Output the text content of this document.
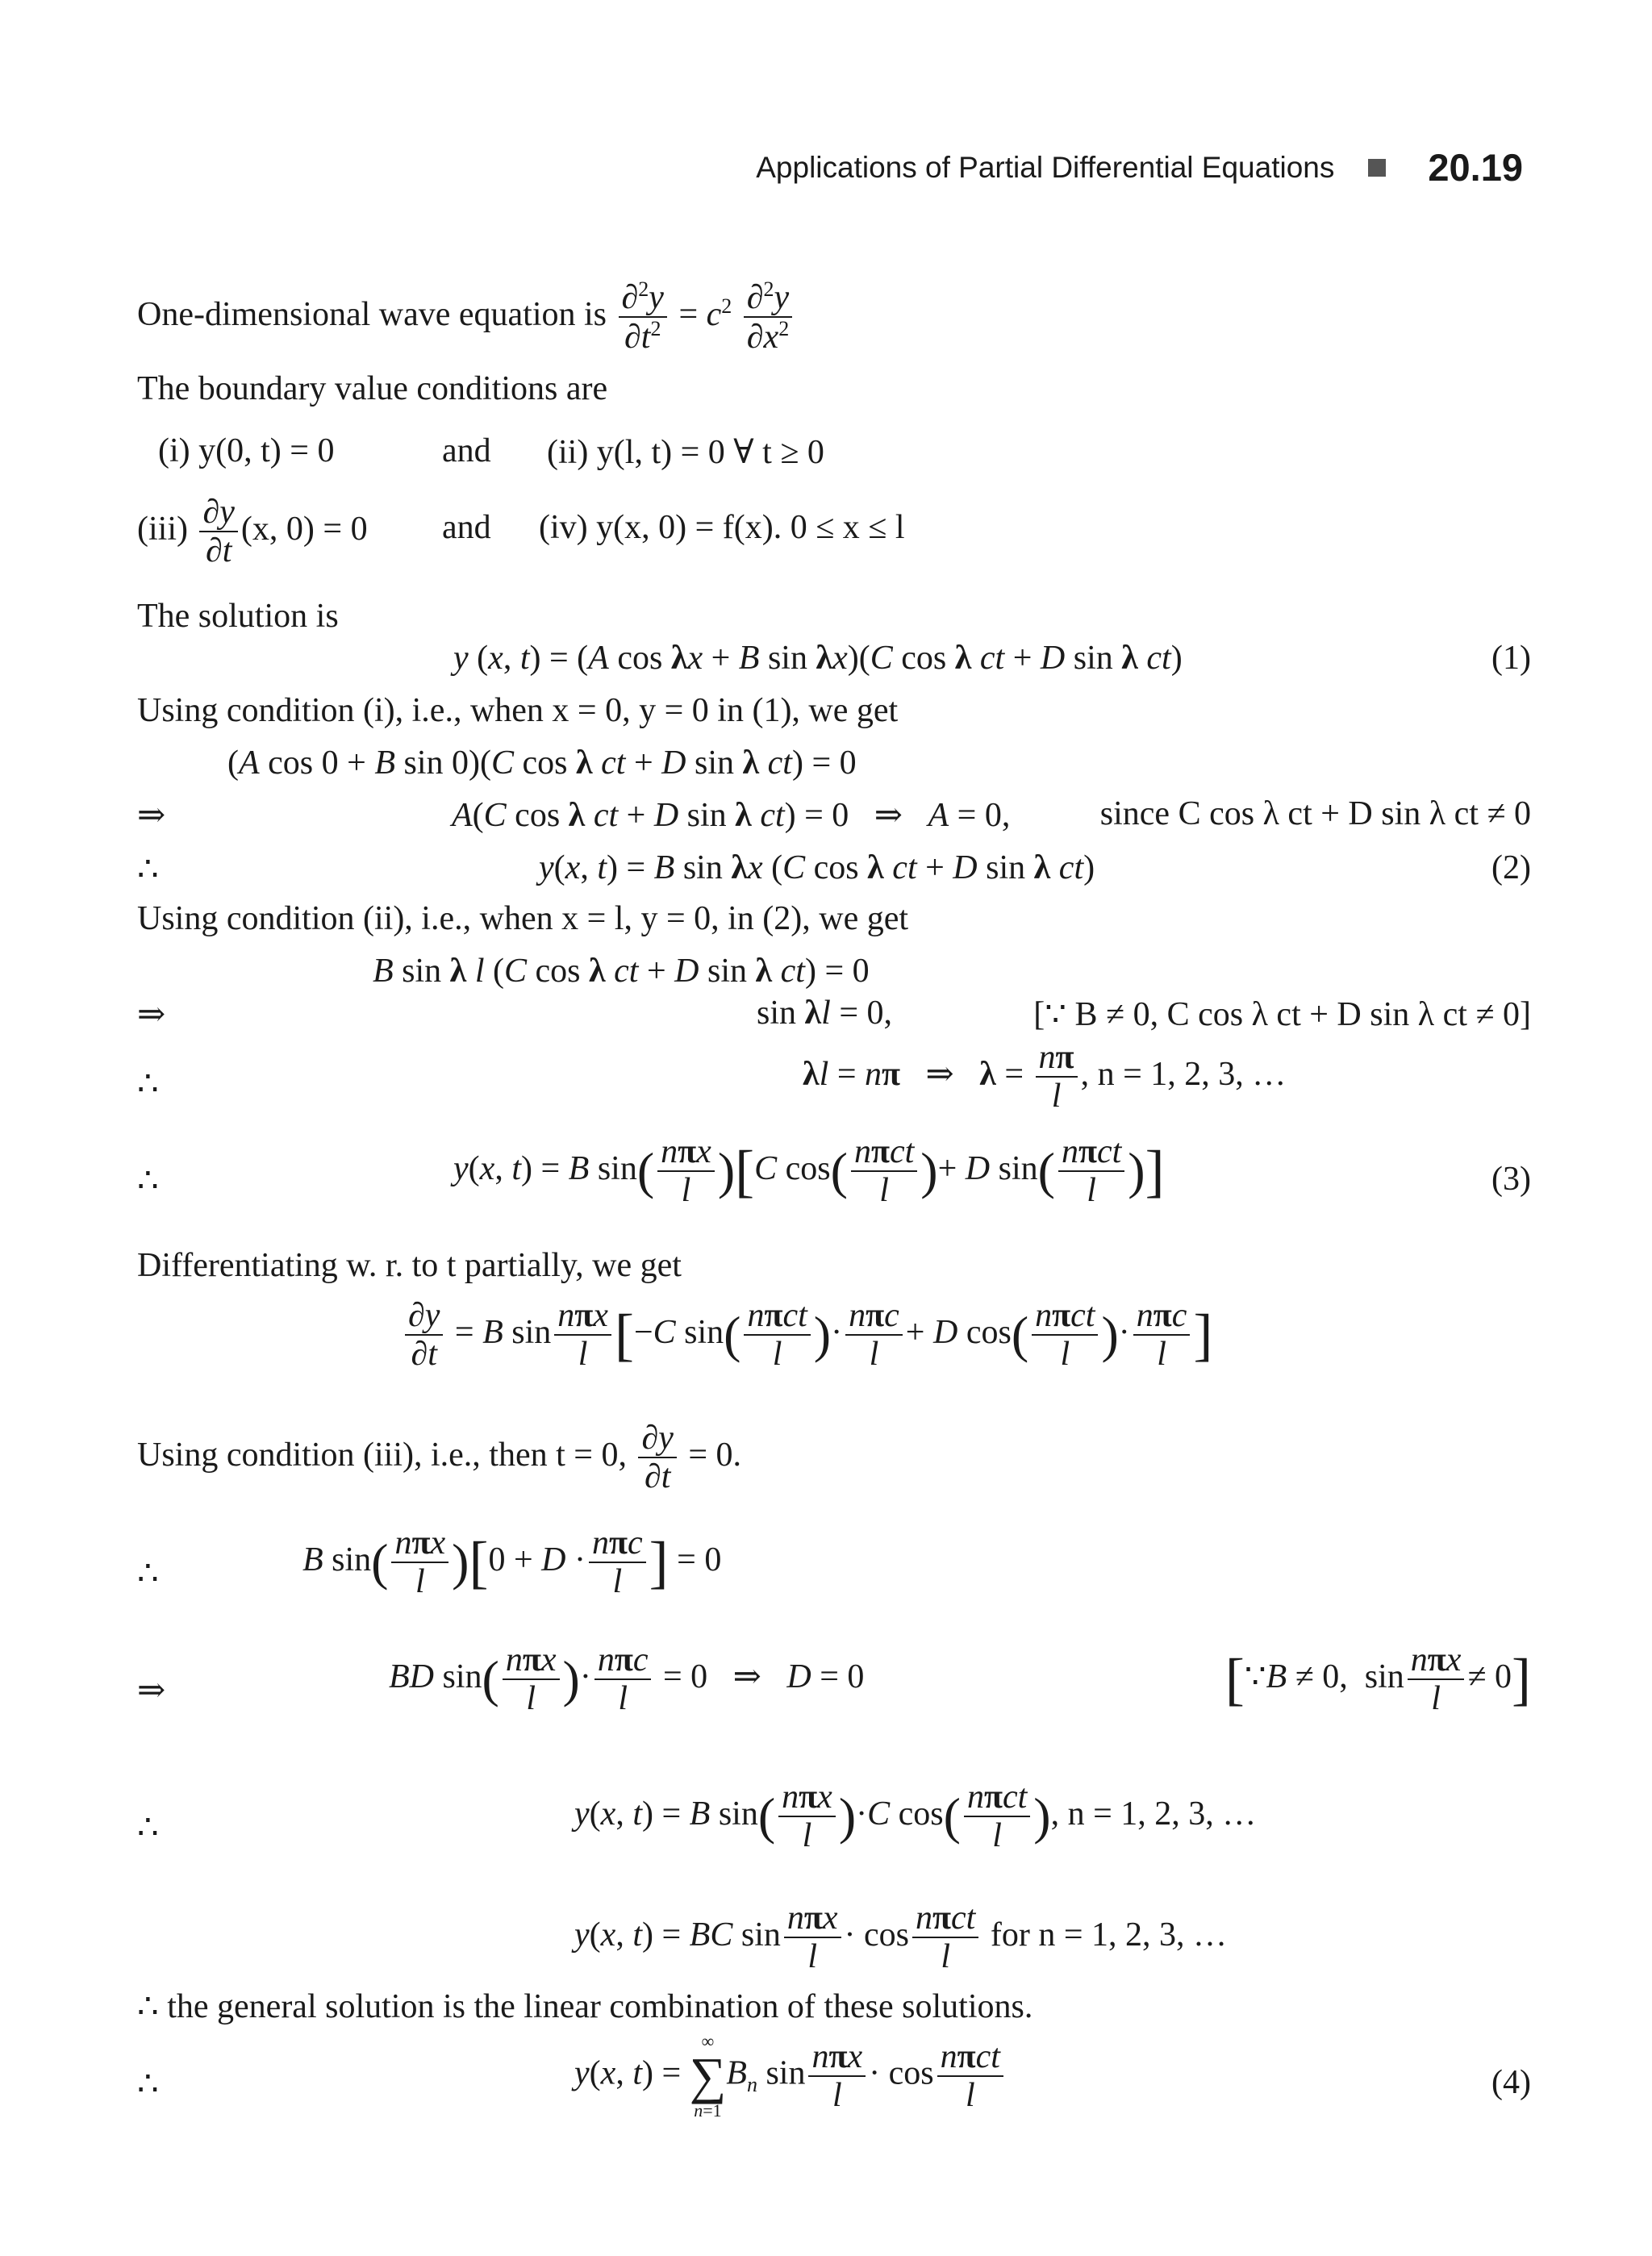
Applications of Partial Differential Equations 20.19
One-dimensional wave equation is $\frac{\partial^2y}{\partial t^2} = c^2 \frac{\partial^2y}{\partial x^2}$
The boundary value conditions are
(i) y(0, t) = 0	and (ii) y(l, t) = 0 ∀ t ≥ 0
$(iii) \frac{\partial y}{\partial t} (x$, 0) = 0 and (iv) y(x, 0) = f(x). 0 ≤ x ≤ l
The solution is
y (x, t) = (A cos λx + B sin λx)(C cos λ ct + D sin λ ct)	(1)
Using condition (i), i.e., when x = 0, y = 0 in (1), we get
(A cos 0 + B sin 0)(C cos λ ct + D sin λ ct) = 0
⇒	A(C cos λ ct + D sin λ ct) = 0   ⇒   A = 0,	since C cos λ ct + D sin λ ct ≠ 0
∴	y(x, t) = B sin λx (C cos λ ct + D sin λ ct)	(2)
Using condition (ii), i.e., when x = l, y = 0, in (2), we get
B sin λ l (C cos λ ct + D sin λ ct) = 0
⇒	sin λl = 0,	[∵ B ≠ 0, C cos λ ct + D sin λ ct ≠ 0]
∴	λl = nπ   ⇒   $\lambda = \frac{n\pi}{l}$ , n = 1, 2, 3, …
∴	y(x, t) = B $\sin( \frac{\text{nπx}}{l} )[C$ $\cos( \frac{\text{nπct}}{l}$ )+ D $\sin( \frac{\text{nπct}}{l}$ )]	(3)
Differentiating w. r. to t partially, we get
$\frac{\partial y}{\partial t} = B$ $\sin \frac{\text{nπx}}{l} [-C$ $\sin( \frac{\text{nπct}}{l}$ )· $\frac{\text{nπc}}{l} + D$ $\cos( \frac{\text{nπct}}{l}$ )· $\frac{\text{nπc}}{l}$ ]
Using condition (iii), i.e., then t = 0, $\frac{\partial y}{\partial t} = 0$.
∴	B $\sin( \frac{\text{nπx}}{l} )[0 + D \cdot \frac{\text{nπc}}{l}$ ] = 0
⇒	BD $\sin( \frac{\text{nπx}}{l}$ )· $\frac{\text{nπc}}{l} = 0$   ⇒   D = 0	[∵B ≠ 0,  $\sin \frac{\text{nπx}}{l} \ne 0$]
∴	y(x, t) = B $\sin( \frac{\text{nπx}}{l} )\cdot C$ $\cos( \frac{\text{nπct}}{l}$ ), n = 1, 2, 3, …
y(x, t) = BC $\sin \frac{\text{nπx}}{l} \cdot \cos \frac{\text{nπct}}{l}$ for n = 1, 2, 3, …
∴ the general solution is the linear combination of these solutions.
∴	y(x, t) =
∞
∑
n=1
$B_n$ $\sin \frac{\text{nπx}}{l} \cdot \cos \frac{\text{nπct}}{l}$	(4)
